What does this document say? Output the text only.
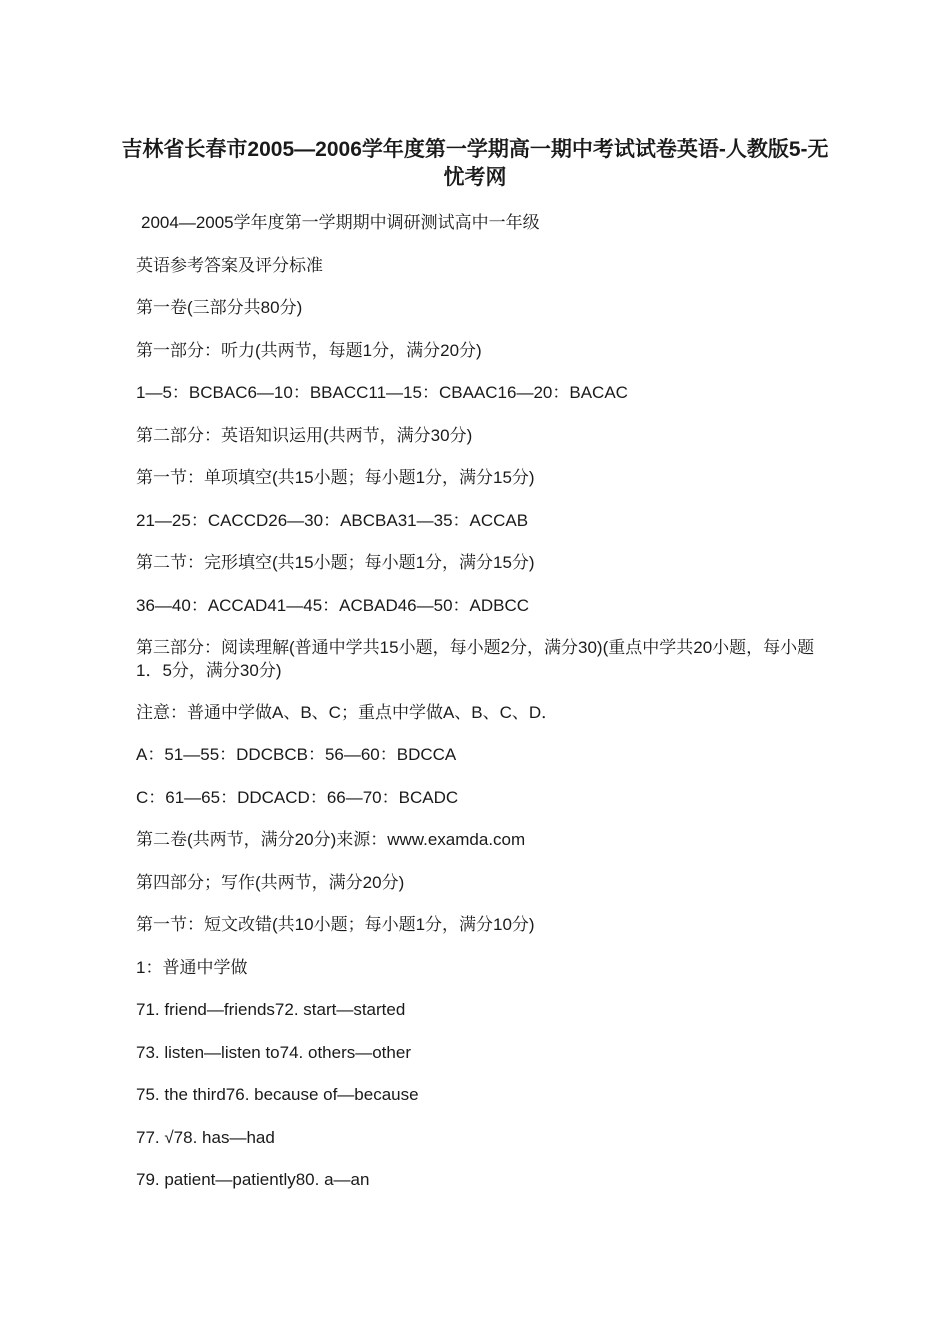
吉林省长春市2005—2006学年度第一学期高一期中考试试卷英语-人教版5-无忧考网

2004—2005学年度第一学期期中调研测试高中一年级

英语参考答案及评分标准

第一卷(三部分共80分)

第一部分：听力(共两节，每题1分，满分20分)

1—5：BCBAC6—10：BBACC11—15：CBAAC16—20：BACAC

第二部分：英语知识运用(共两节，满分30分)

第一节：单项填空(共15小题；每小题1分，满分15分)

21—25：CACCD26—30：ABCBA31—35：ACCAB

第二节：完形填空(共15小题；每小题1分，满分15分)

36—40：ACCAD41—45：ACBAD46—50：ADBCC

第三部分：阅读理解(普通中学共15小题，每小题2分，满分30)(重点中学共20小题，每小题1．5分，满分30分)

注意：普通中学做A、B、C；重点中学做A、B、C、D．

A：51—55：DDCBCB：56—60：BDCCA

C：61—65：DDCACD：66—70：BCADC

第二卷(共两节，满分20分)来源：www.examda.com

第四部分；写作(共两节，满分20分)

第一节：短文改错(共10小题；每小题1分，满分10分)

1：普通中学做

71. friend—friends72. start—started

73. listen—listen to74. others—other

75. the third76. because of—because

77. √78. has—had

79. patient—patiently80. a—an
